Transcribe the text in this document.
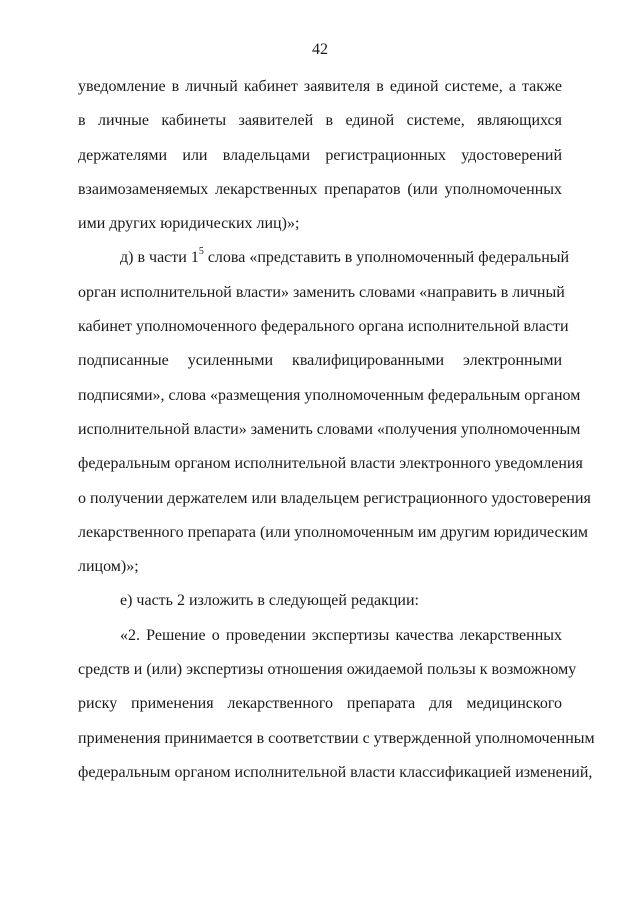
42
уведомление в личный кабинет заявителя в единой системе, а также
в личные кабинеты заявителей в единой системе, являющихся
держателями или владельцами регистрационных удостоверений
взаимозаменяемых лекарственных препаратов (или уполномоченных
ими других юридических лиц)»;
д) в части $1^5$ слова «представить в уполномоченный федеральный
орган исполнительной власти» заменить словами «направить в личный
кабинет уполномоченного федерального органа исполнительной власти
подписанные усиленными квалифицированными электронными
подписями», слова «размещения уполномоченным федеральным органом
исполнительной власти» заменить словами «получения уполномоченным
федеральным органом исполнительной власти электронного уведомления
о получении держателем или владельцем регистрационного удостоверения
лекарственного препарата (или уполномоченным им другим юридическим
лицом)»;
е) часть 2 изложить в следующей редакции:
«2. Решение о проведении экспертизы качества лекарственных
средств и (или) экспертизы отношения ожидаемой пользы к возможному
риску применения лекарственного препарата для медицинского
применения принимается в соответствии с утвержденной уполномоченным
федеральным органом исполнительной власти классификацией изменений,
